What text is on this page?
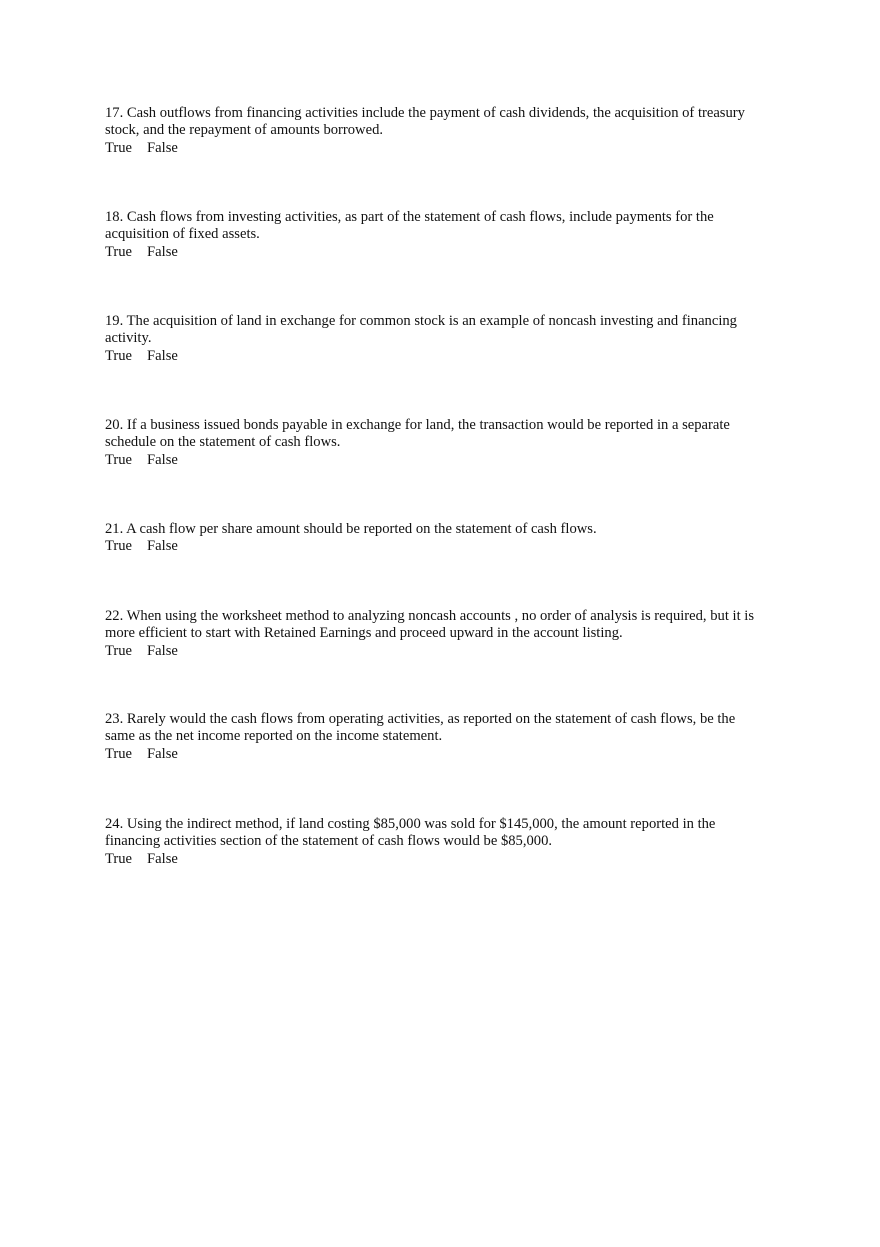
17. Cash outflows from financing activities include the payment of cash dividends, the acquisition of treasury
stock, and the repayment of amounts borrowed.

True False

18. Cash flows from investing activities, as part of the statement of cash flows, include payments for the
acquisition of fixed assets.

True False

19. The acquisition of land in exchange for common stock is an example of noncash investing and financing
activity.

True False

20. If a business issued bonds payable in exchange for land, the transaction would be reported in a separate
schedule on the statement of cash flows.

True False

21. A cash flow per share amount should be reported on the statement of cash flows.

True False

22. When using the worksheet method to analyzing noncash accounts , no order of analysis is required, but it is
more efficient to start with Retained Earnings and proceed upward in the account listing.

True False

23. Rarely would the cash flows from operating activities, as reported on the statement of cash flows, be the
same as the net income reported on the income statement.

True False

24. Using the indirect method, if land costing $85,000 was sold for $145,000, the amount reported in the
financing activities section of the statement of cash flows would be $85,000.

True False
